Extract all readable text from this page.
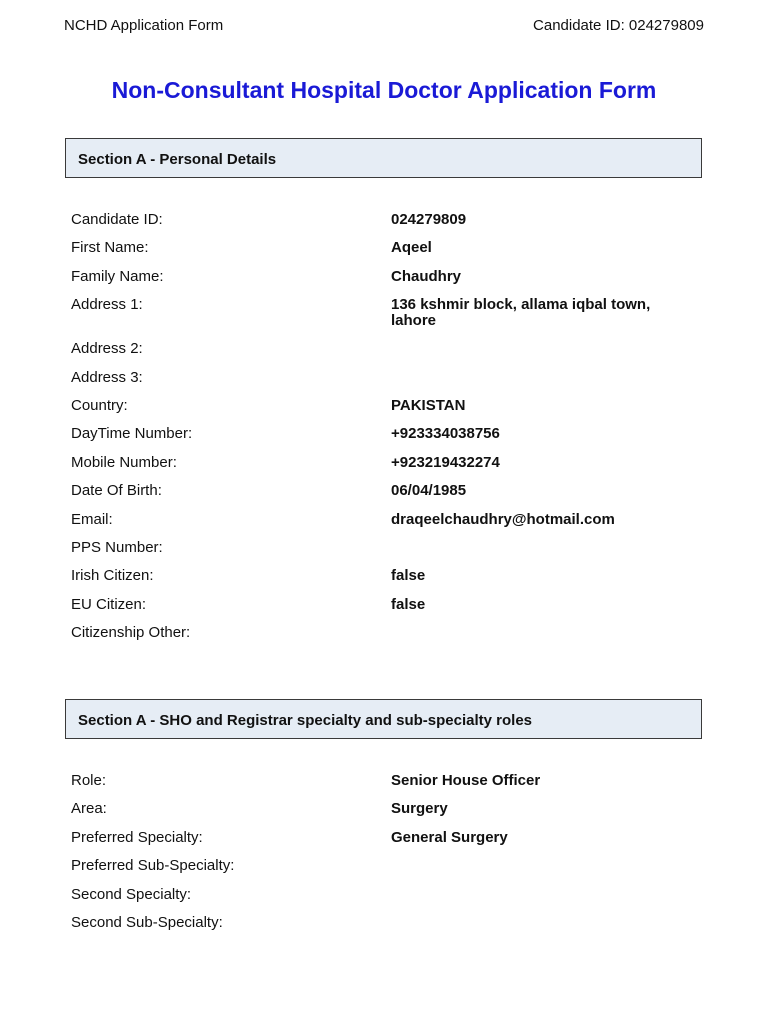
NCHD Application Form	Candidate ID: 024279809
Non-Consultant Hospital Doctor Application Form
Section A - Personal Details
Candidate ID:	024279809
First Name:	Aqeel
Family Name:	Chaudhry
Address 1:	136 kshmir block, allama iqbal town, lahore
Address 2:
Address 3:
Country:	PAKISTAN
DayTime Number:	+923334038756
Mobile Number:	+923219432274
Date Of Birth:	06/04/1985
Email:	draqeelchaudhry@hotmail.com
PPS Number:
Irish Citizen:	false
EU Citizen:	false
Citizenship Other:
Section A - SHO and Registrar specialty and sub-specialty roles
Role:	Senior House Officer
Area:	Surgery
Preferred Specialty:	General Surgery
Preferred Sub-Specialty:
Second Specialty:
Second Sub-Specialty:
